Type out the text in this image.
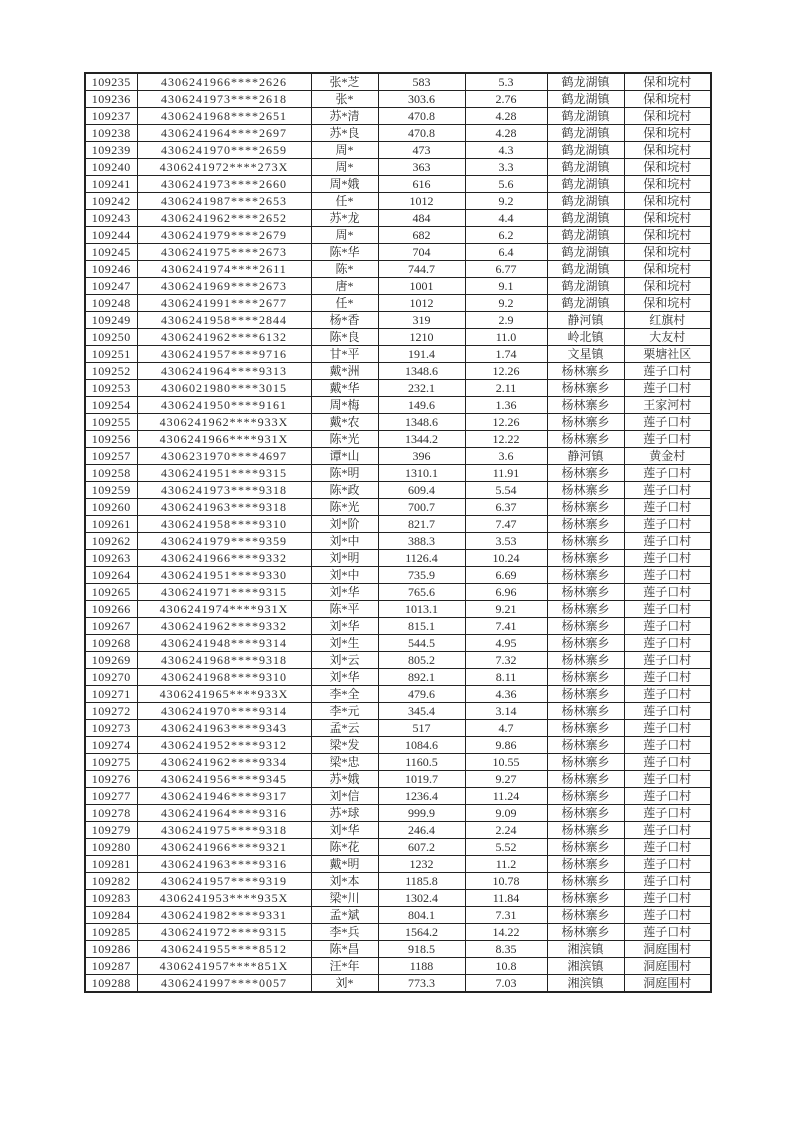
109235	4306241966****2626	张*芝	583	5.3	鹤龙湖镇	保和垸村
109236	4306241973****2618	张*	303.6	2.76	鹤龙湖镇	保和垸村
109237	4306241968****2651	苏*清	470.8	4.28	鹤龙湖镇	保和垸村
109238	4306241964****2697	苏*良	470.8	4.28	鹤龙湖镇	保和垸村
109239	4306241970****2659	周*	473	4.3	鹤龙湖镇	保和垸村
109240	4306241972****273X	周*	363	3.3	鹤龙湖镇	保和垸村
109241	4306241973****2660	周*娥	616	5.6	鹤龙湖镇	保和垸村
109242	4306241987****2653	任*	1012	9.2	鹤龙湖镇	保和垸村
109243	4306241962****2652	苏*龙	484	4.4	鹤龙湖镇	保和垸村
109244	4306241979****2679	周*	682	6.2	鹤龙湖镇	保和垸村
109245	4306241975****2673	陈*华	704	6.4	鹤龙湖镇	保和垸村
109246	4306241974****2611	陈*	744.7	6.77	鹤龙湖镇	保和垸村
109247	4306241969****2673	唐*	1001	9.1	鹤龙湖镇	保和垸村
109248	4306241991****2677	任*	1012	9.2	鹤龙湖镇	保和垸村
109249	4306241958****2844	杨*香	319	2.9	静河镇	红旗村
109250	4306241962****6132	陈*良	1210	11.0	岭北镇	大友村
109251	4306241957****9716	甘*平	191.4	1.74	文星镇	栗塘社区
109252	4306241964****9313	戴*洲	1348.6	12.26	杨林寨乡	莲子口村
109253	4306021980****3015	戴*华	232.1	2.11	杨林寨乡	莲子口村
109254	4306241950****9161	周*梅	149.6	1.36	杨林寨乡	王家河村
109255	4306241962****933X	戴*农	1348.6	12.26	杨林寨乡	莲子口村
109256	4306241966****931X	陈*光	1344.2	12.22	杨林寨乡	莲子口村
109257	4306231970****4697	谭*山	396	3.6	静河镇	黄金村
109258	4306241951****9315	陈*明	1310.1	11.91	杨林寨乡	莲子口村
109259	4306241973****9318	陈*政	609.4	5.54	杨林寨乡	莲子口村
109260	4306241963****9318	陈*光	700.7	6.37	杨林寨乡	莲子口村
109261	4306241958****9310	刘*阶	821.7	7.47	杨林寨乡	莲子口村
109262	4306241979****9359	刘*中	388.3	3.53	杨林寨乡	莲子口村
109263	4306241966****9332	刘*明	1126.4	10.24	杨林寨乡	莲子口村
109264	4306241951****9330	刘*中	735.9	6.69	杨林寨乡	莲子口村
109265	4306241971****9315	刘*华	765.6	6.96	杨林寨乡	莲子口村
109266	4306241974****931X	陈*平	1013.1	9.21	杨林寨乡	莲子口村
109267	4306241962****9332	刘*华	815.1	7.41	杨林寨乡	莲子口村
109268	4306241948****9314	刘*生	544.5	4.95	杨林寨乡	莲子口村
109269	4306241968****9318	刘*云	805.2	7.32	杨林寨乡	莲子口村
109270	4306241968****9310	刘*华	892.1	8.11	杨林寨乡	莲子口村
109271	4306241965****933X	李*全	479.6	4.36	杨林寨乡	莲子口村
109272	4306241970****9314	李*元	345.4	3.14	杨林寨乡	莲子口村
109273	4306241963****9343	孟*云	517	4.7	杨林寨乡	莲子口村
109274	4306241952****9312	梁*发	1084.6	9.86	杨林寨乡	莲子口村
109275	4306241962****9334	梁*忠	1160.5	10.55	杨林寨乡	莲子口村
109276	4306241956****9345	苏*娥	1019.7	9.27	杨林寨乡	莲子口村
109277	4306241946****9317	刘*信	1236.4	11.24	杨林寨乡	莲子口村
109278	4306241964****9316	苏*球	999.9	9.09	杨林寨乡	莲子口村
109279	4306241975****9318	刘*华	246.4	2.24	杨林寨乡	莲子口村
109280	4306241966****9321	陈*花	607.2	5.52	杨林寨乡	莲子口村
109281	4306241963****9316	戴*明	1232	11.2	杨林寨乡	莲子口村
109282	4306241957****9319	刘*本	1185.8	10.78	杨林寨乡	莲子口村
109283	4306241953****935X	梁*川	1302.4	11.84	杨林寨乡	莲子口村
109284	4306241982****9331	孟*斌	804.1	7.31	杨林寨乡	莲子口村
109285	4306241972****9315	李*兵	1564.2	14.22	杨林寨乡	莲子口村
109286	4306241955****8512	陈*昌	918.5	8.35	湘滨镇	洞庭围村
109287	4306241957****851X	汪*年	1188	10.8	湘滨镇	洞庭围村
109288	4306241997****0057	刘*	773.3	7.03	湘滨镇	洞庭围村
